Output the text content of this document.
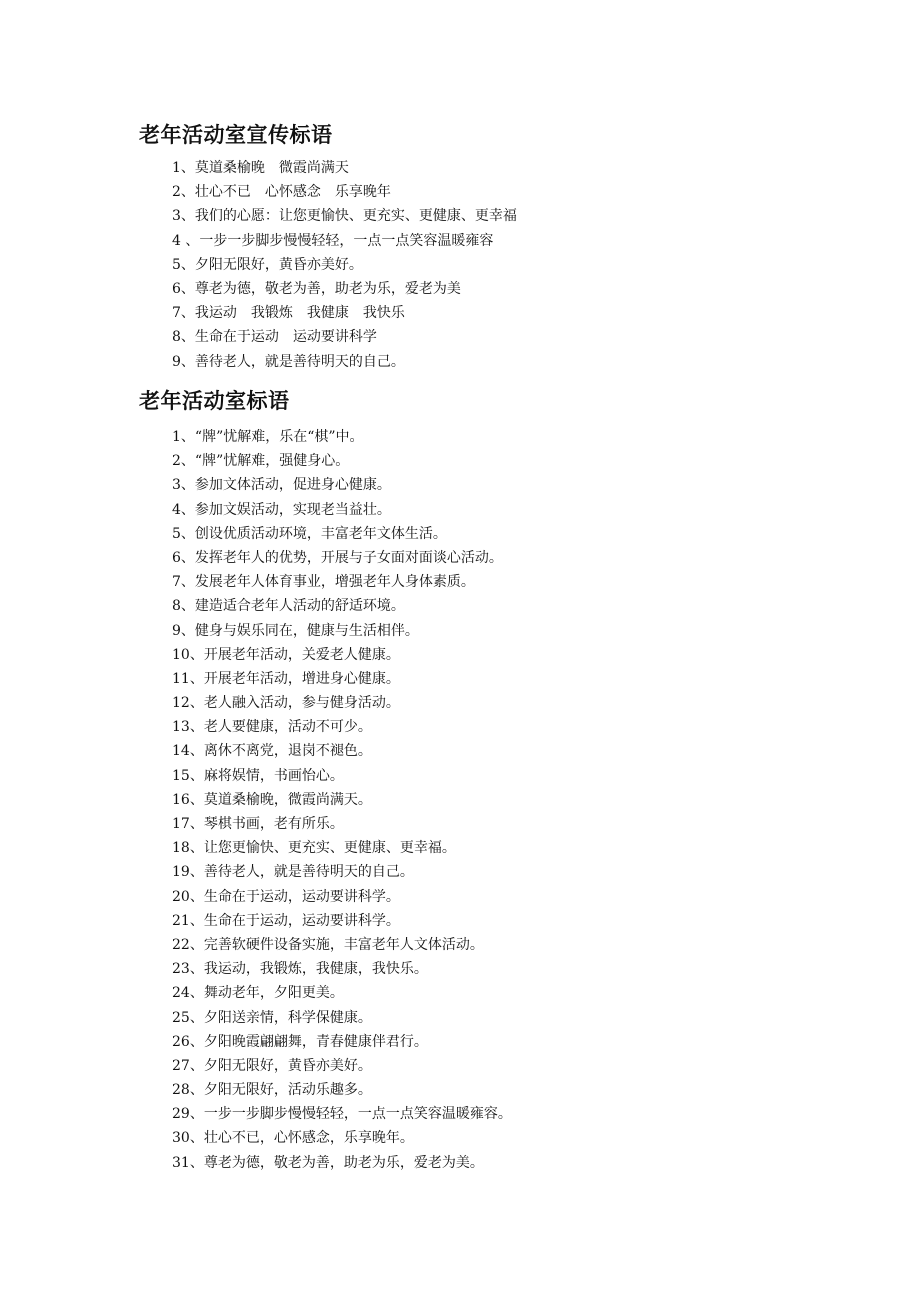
老年活动室宣传标语
1、莫道桑榆晚　微霞尚满天
2、壮心不已　心怀感念　乐享晚年
3、我们的心愿：让您更愉快、更充实、更健康、更幸福
4 、一步一步脚步慢慢轻轻，一点一点笑容温暖雍容
5、夕阳无限好，黄昏亦美好。
6、尊老为德，敬老为善，助老为乐，爱老为美
7、我运动　我锻炼　我健康　我快乐
8、生命在于运动　运动要讲科学
9、善待老人，就是善待明天的自己。
老年活动室标语
1、“牌”忧解难，乐在“棋”中。
2、“牌”忧解难，强健身心。
3、参加文体活动，促进身心健康。
4、参加文娱活动，实现老当益壮。
5、创设优质活动环境，丰富老年文体生活。
6、发挥老年人的优势，开展与子女面对面谈心活动。
7、发展老年人体育事业，增强老年人身体素质。
8、建造适合老年人活动的舒适环境。
9、健身与娱乐同在，健康与生活相伴。
10、开展老年活动，关爱老人健康。
11、开展老年活动，增进身心健康。
12、老人融入活动，参与健身活动。
13、老人要健康，活动不可少。
14、离休不离党，退岗不褪色。
15、麻将娱情，书画怡心。
16、莫道桑榆晚，微霞尚满天。
17、琴棋书画，老有所乐。
18、让您更愉快、更充实、更健康、更幸福。
19、善待老人，就是善待明天的自己。
20、生命在于运动，运动要讲科学。
21、生命在于运动，运动要讲科学。
22、完善软硬件设备实施，丰富老年人文体活动。
23、我运动，我锻炼，我健康，我快乐。
24、舞动老年，夕阳更美。
25、夕阳送亲情，科学保健康。
26、夕阳晚霞翩翩舞，青春健康伴君行。
27、夕阳无限好，黄昏亦美好。
28、夕阳无限好，活动乐趣多。
29、一步一步脚步慢慢轻轻，一点一点笑容温暖雍容。
30、壮心不已，心怀感念，乐享晚年。
31、尊老为德，敬老为善，助老为乐，爱老为美。
